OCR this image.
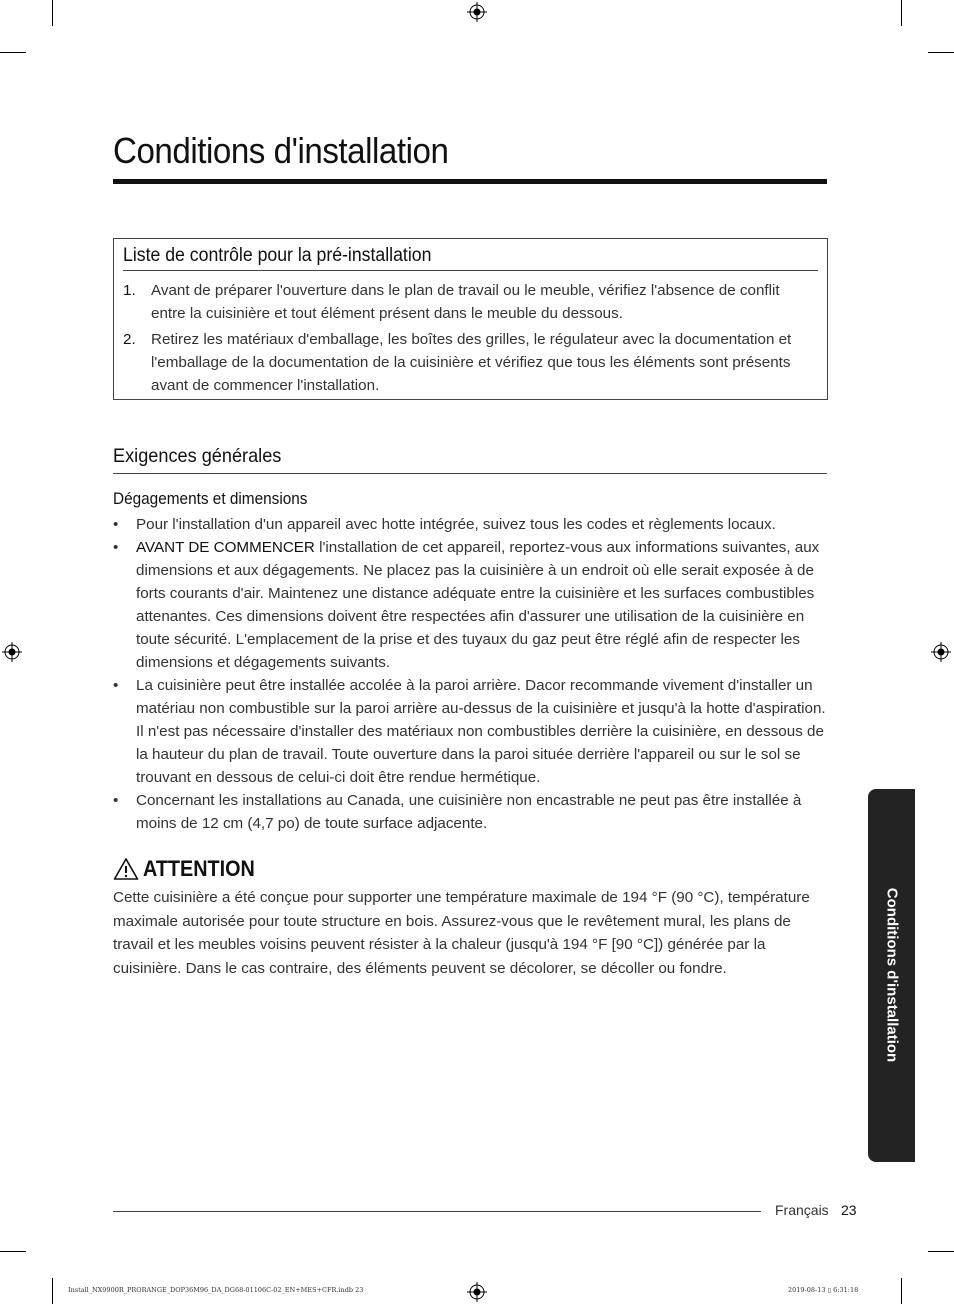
Conditions d'installation
Liste de contrôle pour la pré-installation
1. Avant de préparer l'ouverture dans le plan de travail ou le meuble, vérifiez l'absence de conflit entre la cuisinière et tout élément présent dans le meuble du dessous.
2. Retirez les matériaux d'emballage, les boîtes des grilles, le régulateur avec la documentation et l'emballage de la documentation de la cuisinière et vérifiez que tous les éléments sont présents avant de commencer l'installation.
Exigences générales
Dégagements et dimensions
• Pour l'installation d'un appareil avec hotte intégrée, suivez tous les codes et règlements locaux.
• AVANT DE COMMENCER l'installation de cet appareil, reportez-vous aux informations suivantes, aux dimensions et aux dégagements. Ne placez pas la cuisinière à un endroit où elle serait exposée à de forts courants d'air. Maintenez une distance adéquate entre la cuisinière et les surfaces combustibles attenantes. Ces dimensions doivent être respectées afin d'assurer une utilisation de la cuisinière en toute sécurité. L'emplacement de la prise et des tuyaux du gaz peut être réglé afin de respecter les dimensions et dégagements suivants.
• La cuisinière peut être installée accolée à la paroi arrière. Dacor recommande vivement d'installer un matériau non combustible sur la paroi arrière au-dessus de la cuisinière et jusqu'à la hotte d'aspiration. Il n'est pas nécessaire d'installer des matériaux non combustibles derrière la cuisinière, en dessous de la hauteur du plan de travail. Toute ouverture dans la paroi située derrière l'appareil ou sur le sol se trouvant en dessous de celui-ci doit être rendue hermétique.
• Concernant les installations au Canada, une cuisinière non encastrable ne peut pas être installée à moins de 12 cm (4,7 po) de toute surface adjacente.
ATTENTION

Cette cuisinière a été conçue pour supporter une température maximale de 194 °F (90 °C), température maximale autorisée pour toute structure en bois. Assurez-vous que le revêtement mural, les plans de travail et les meubles voisins peuvent résister à la chaleur (jusqu'à 194 °F [90 °C]) générée par la cuisinière. Dans le cas contraire, des éléments peuvent se décolorer, se décoller ou fondre.	Conditions d'installation
Français 23
Install_NX9900R_PRORANGE_DOP36M96_DA_DG68-01106C-02_EN+MES+CFR.indb 23	2019-08-13 ▯ 6:31:18
